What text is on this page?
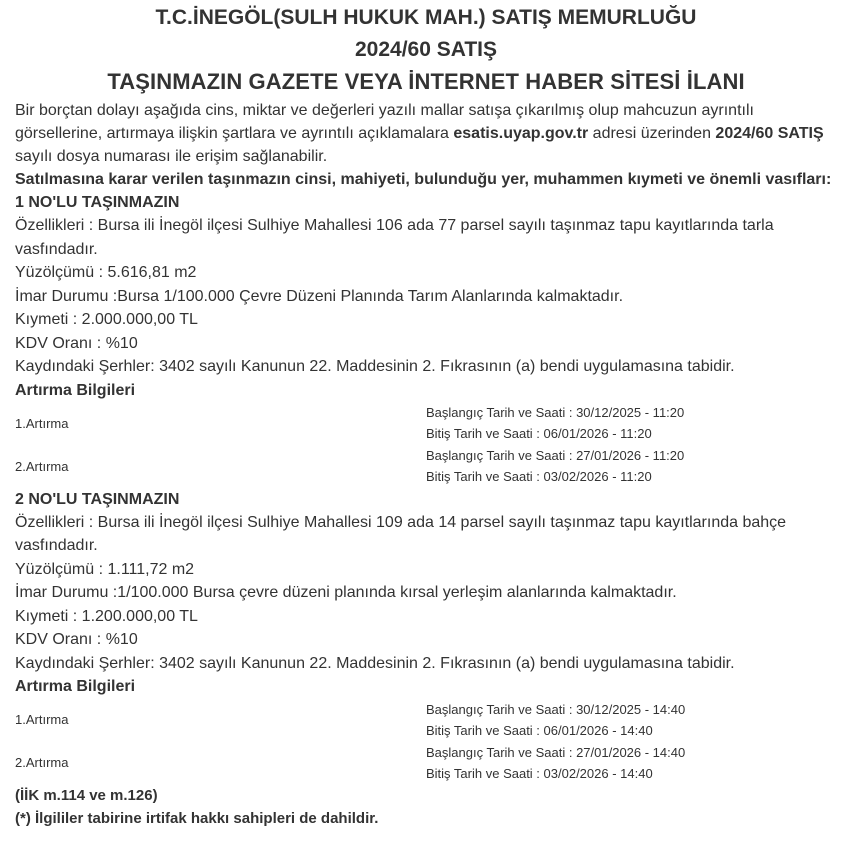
T.C.İNEGÖL(SULH HUKUK MAH.) SATIŞ MEMURLUĞU
2024/60 SATIŞ
TAŞINMAZIN GAZETE VEYA İNTERNET HABER SİTESİ İLANI
Bir borçtan dolayı aşağıda cins, miktar ve değerleri yazılı mallar satışa çıkarılmış olup mahcuzun ayrıntılı görsellerine, artırmaya ilişkin şartlara ve ayrıntılı açıklamalara esatis.uyap.gov.tr adresi üzerinden 2024/60 SATIŞ sayılı dosya numarası ile erişim sağlanabilir.
Satılmasına karar verilen taşınmazın cinsi, mahiyeti, bulunduğu yer, muhammen kıymeti ve önemli vasıfları:
1 NO'LU TAŞINMAZIN
Özellikleri : Bursa ili İnegöl ilçesi Sulhiye Mahallesi 106 ada 77 parsel sayılı taşınmaz tapu kayıtlarında tarla vasfındadır.
Yüzölçümü : 5.616,81 m2
İmar Durumu :Bursa 1/100.000 Çevre Düzeni Planında Tarım Alanlarında kalmaktadır.
Kıymeti : 2.000.000,00 TL
KDV Oranı : %10
Kaydındaki Şerhler: 3402 sayılı Kanunun 22. Maddesinin 2. Fıkrasının (a) bendi uygulamasına tabidir.
Artırma Bilgileri
1.Artırma
Başlangıç Tarih ve Saati : 30/12/2025 - 11:20
Bitiş Tarih ve Saati : 06/01/2026 - 11:20
2.Artırma
Başlangıç Tarih ve Saati : 27/01/2026 - 11:20
Bitiş Tarih ve Saati : 03/02/2026 - 11:20
2 NO'LU TAŞINMAZIN
Özellikleri : Bursa ili İnegöl ilçesi Sulhiye Mahallesi 109 ada 14 parsel sayılı taşınmaz tapu kayıtlarında bahçe vasfındadır.
Yüzölçümü : 1.111,72 m2
İmar Durumu :1/100.000 Bursa çevre düzeni planında kırsal yerleşim alanlarında kalmaktadır.
Kıymeti : 1.200.000,00 TL
KDV Oranı : %10
Kaydındaki Şerhler: 3402 sayılı Kanunun 22. Maddesinin 2. Fıkrasının (a) bendi uygulamasına tabidir.
Artırma Bilgileri
1.Artırma
Başlangıç Tarih ve Saati : 30/12/2025 - 14:40
Bitiş Tarih ve Saati : 06/01/2026 - 14:40
2.Artırma
Başlangıç Tarih ve Saati : 27/01/2026 - 14:40
Bitiş Tarih ve Saati : 03/02/2026 - 14:40
(İİK m.114 ve m.126)
(*) İlgililer tabirine irtifak hakkı sahipleri de dahildir.
